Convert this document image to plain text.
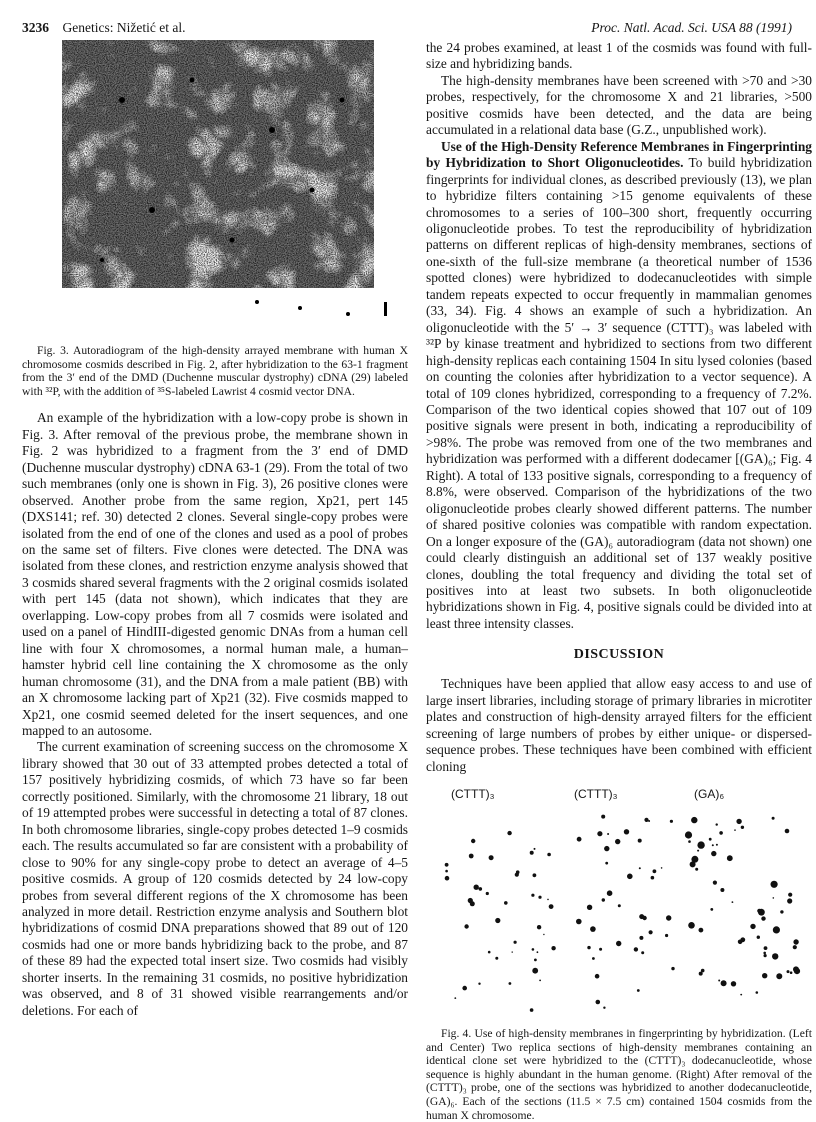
3236 Genetics: Nižetić et al.	Proc. Natl. Acad. Sci. USA 88 (1991)

Fig. 3. Autoradiogram of the high-density arrayed membrane with human X chromosome cosmids described in Fig. 2, after hybridization to the 63-1 fragment from the 3′ end of the DMD (Duchenne muscular dystrophy) cDNA (29) labeled with ³²P, with the addition of ³⁵S-labeled Lawrist 4 cosmid vector DNA.

An example of the hybridization with a low-copy probe is shown in Fig. 3. After removal of the previous probe, the membrane shown in Fig. 2 was hybridized to a fragment from the 3′ end of DMD (Duchenne muscular dystrophy) cDNA 63-1 (29). From the total of two such membranes (only one is shown in Fig. 3), 26 positive clones were observed. Another probe from the same region, Xp21, pert 145 (DXS141; ref. 30) detected 2 clones. Several single-copy probes were isolated from the end of one of the clones and used as a pool of probes on the same set of filters. Five clones were detected. The DNA was isolated from these clones, and restriction enzyme analysis showed that 3 cosmids shared several fragments with the 2 original cosmids isolated with pert 145 (data not shown), which indicates that they are overlapping. Low-copy probes from all 7 cosmids were isolated and used on a panel of HindIII-digested genomic DNAs from a human cell line with four X chromosomes, a normal human male, a human–hamster hybrid cell line containing the X chromosome as the only human chromosome (31), and the DNA from a male patient (BB) with an X chromosome lacking part of Xp21 (32). Five cosmids mapped to Xp21, one cosmid seemed deleted for the insert sequences, and one mapped to an autosome.

The current examination of screening success on the chromosome X library showed that 30 out of 33 attempted probes detected a total of 157 positively hybridizing cosmids, of which 73 have so far been correctly positioned. Similarly, with the chromosome 21 library, 18 out of 19 attempted probes were successful in detecting a total of 87 clones. In both chromosome libraries, single-copy probes detected 1–9 cosmids each. The results accumulated so far are consistent with a probability of close to 90% for any single-copy probe to detect an average of 4–5 positive cosmids. A group of 120 cosmids detected by 24 low-copy probes from several different regions of the X chromosome has been analyzed in more detail. Restriction enzyme analysis and Southern blot hybridizations of cosmid DNA preparations showed that 89 out of 120 cosmids had one or more bands hybridizing back to the probe, and 87 of these 89 had the expected total insert size. Two cosmids had visibly shorter inserts. In the remaining 31 cosmids, no positive hybridization was observed, and 8 of 31 showed visible rearrangements and/or deletions. For each of

the 24 probes examined, at least 1 of the cosmids was found with full-size and hybridizing bands.

The high-density membranes have been screened with >70 and >30 probes, respectively, for the chromosome X and 21 libraries, >500 positive cosmids have been detected, and the data are being accumulated in a relational data base (G.Z., unpublished work).

Use of the High-Density Reference Membranes in Fingerprinting by Hybridization to Short Oligonucleotides. To build hybridization fingerprints for individual clones, as described previously (13), we plan to hybridize filters containing >15 genome equivalents of these chromosomes to a series of 100–300 short, frequently occurring oligonucleotide probes. To test the reproducibility of hybridization patterns on different replicas of high-density membranes, sections of one-sixth of the full-size membrane (a theoretical number of 1536 spotted clones) were hybridized to dodecanucleotides with simple tandem repeats expected to occur frequently in mammalian genomes (33, 34). Fig. 4 shows an example of such a hybridization. An oligonucleotide with the 5′ → 3′ sequence (CTTT)₃ was labeled with ³²P by kinase treatment and hybridized to sections from two different high-density replicas each containing 1504 In situ lysed colonies (based on counting the colonies after hybridization to a vector sequence). A total of 109 clones hybridized, corresponding to a frequency of 7.2%. Comparison of the two identical copies showed that 107 out of 109 positive signals were present in both, indicating a reproducibility of >98%. The probe was removed from one of the two membranes and hybridization was performed with a different dodecamer [(GA)₆; Fig. 4 Right). A total of 133 positive signals, corresponding to a frequency of 8.8%, were observed. Comparison of the hybridizations of the two oligonucleotide probes clearly showed different patterns. The number of shared positive colonies was compatible with random expectation. On a longer exposure of the (GA)₆ autoradiogram (data not shown) one could clearly distinguish an additional set of 137 weakly positive clones, doubling the total frequency and dividing the total set of positives into at least two subsets. In both oligonucleotide hybridizations shown in Fig. 4, positive signals could be divided into at least three intensity classes.

DISCUSSION

Techniques have been applied that allow easy access to and use of large insert libraries, including storage of primary libraries in microtiter plates and construction of high-density arrayed filters for the efficient screening of large numbers of probes by either unique- or dispersed-sequence probes. These techniques have been combined with efficient cloning

(CTTT)₃	(CTTT)₃	(GA)₆

Fig. 4. Use of high-density membranes in fingerprinting by hybridization. (Left and Center) Two replica sections of high-density membranes containing an identical clone set were hybridized to the (CTTT)₃ dodecanucleotide, whose sequence is highly abundant in the human genome. (Right) After removal of the (CTTT)₃ probe, one of the sections was hybridized to another dodecanucleotide, (GA)₆. Each of the sections (11.5 × 7.5 cm) contained 1504 cosmids from the human X chromosome.
